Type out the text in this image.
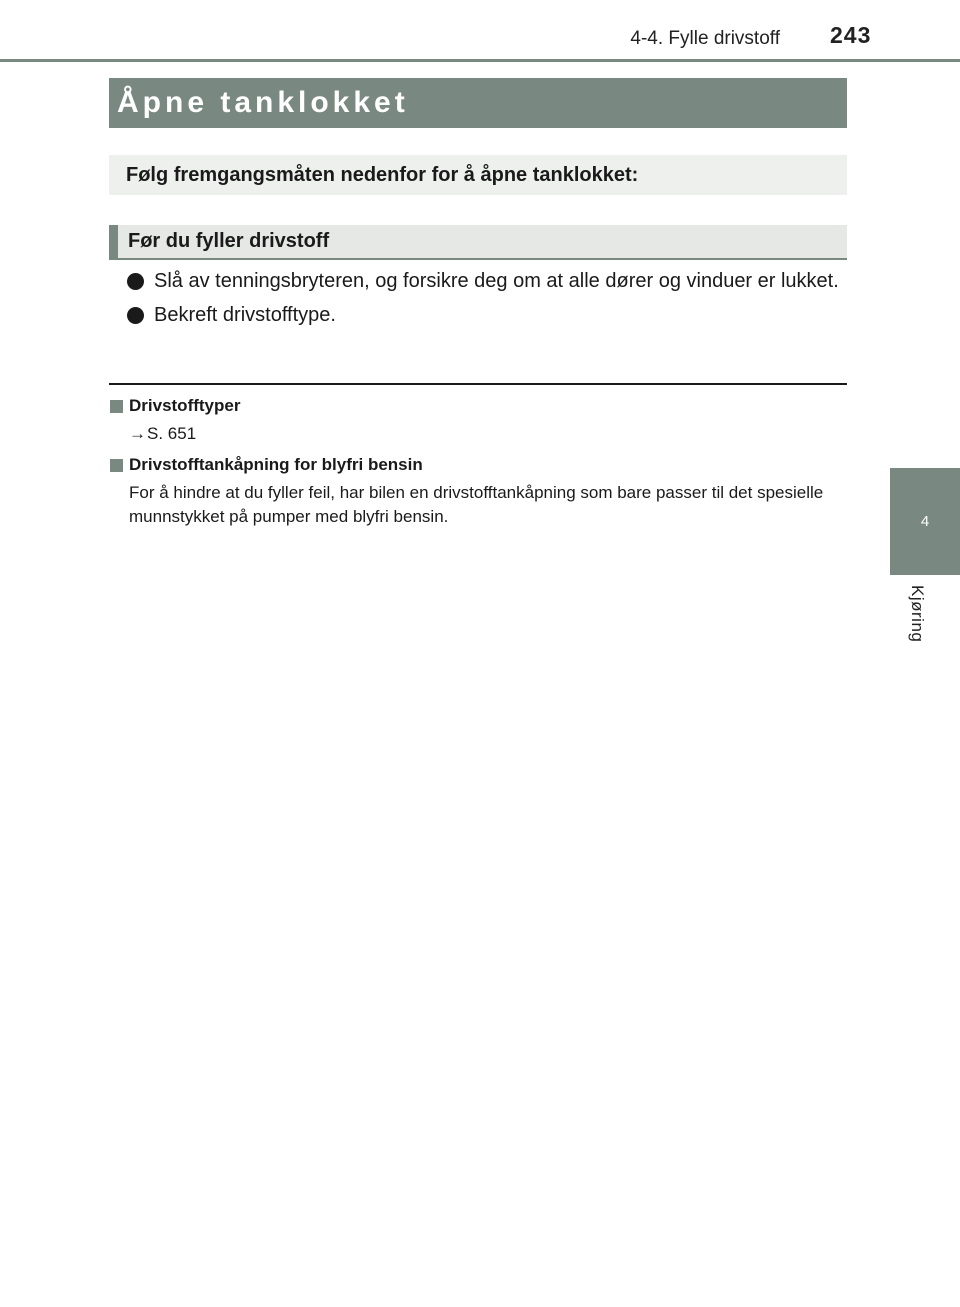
4-4. Fylle drivstoff 243
4
Kjøring
Åpne tanklokket
Følg fremgangsmåten nedenfor for å åpne tanklokket:
Før du fyller drivstoff
Slå av tenningsbryteren, og forsikre deg om at alle dører og vinduer er lukket.
Bekreft drivstofftype.
Drivstofftyper
→S. 651
Drivstofftankåpning for blyfri bensin
For å hindre at du fyller feil, har bilen en drivstofftankåpning som bare passer til det spesielle munnstykket på pumper med blyfri bensin.
